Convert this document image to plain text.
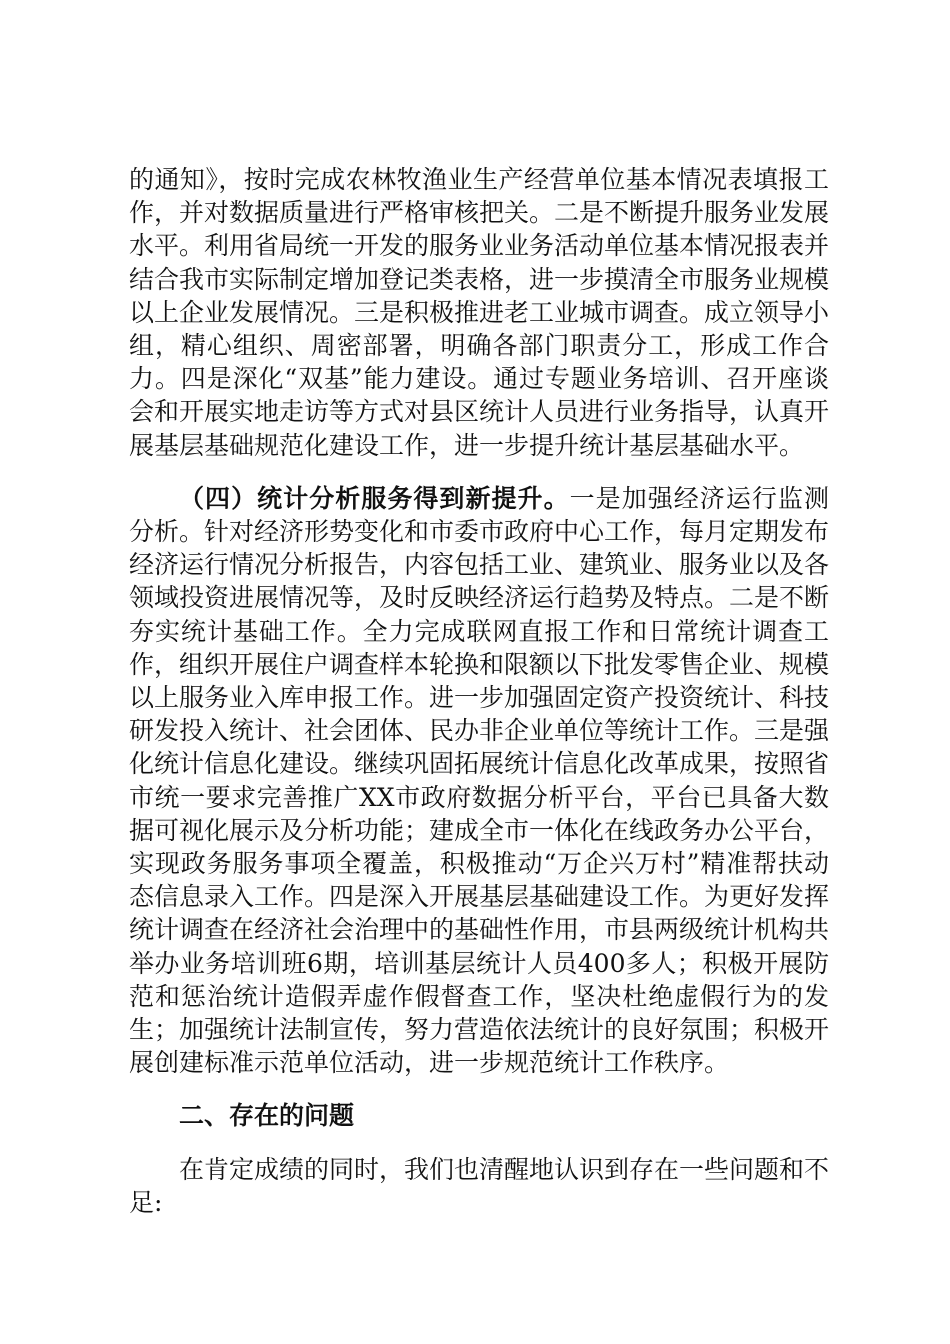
的通知》，按时完成农林牧渔业生产经营单位基本情况表填报工作，并对数据质量进行严格审核把关。二是不断提升服务业发展水平。利用省局统一开发的服务业业务活动单位基本情况报表并结合我市实际制定增加登记类表格，进一步摸清全市服务业规模以上企业发展情况。三是积极推进老工业城市调查。成立领导小组，精心组织、周密部署，明确各部门职责分工，形成工作合力。四是深化“双基”能力建设。通过专题业务培训、召开座谈会和开展实地走访等方式对县区统计人员进行业务指导，认真开展基层基础规范化建设工作，进一步提升统计基层基础水平。

（四）统计分析服务得到新提升。一是加强经济运行监测分析。针对经济形势变化和市委市政府中心工作，每月定期发布经济运行情况分析报告，内容包括工业、建筑业、服务业以及各领域投资进展情况等，及时反映经济运行趋势及特点。二是不断夯实统计基础工作。全力完成联网直报工作和日常统计调查工作，组织开展住户调查样本轮换和限额以下批发零售企业、规模以上服务业入库申报工作。进一步加强固定资产投资统计、科技研发投入统计、社会团体、民办非企业单位等统计工作。三是强化统计信息化建设。继续巩固拓展统计信息化改革成果，按照省市统一要求完善推广XX市政府数据分析平台，平台已具备大数据可视化展示及分析功能；建成全市一体化在线政务办公平台，实现政务服务事项全覆盖，积极推动“万企兴万村”精准帮扶动态信息录入工作。四是深入开展基层基础建设工作。为更好发挥统计调查在经济社会治理中的基础性作用，市县两级统计机构共举办业务培训班6期，培训基层统计人员400多人；积极开展防范和惩治统计造假弄虚作假督查工作，坚决杜绝虚假行为的发生；加强统计法制宣传，努力营造依法统计的良好氛围；积极开展创建标准示范单位活动，进一步规范统计工作秩序。

二、存在的问题

在肯定成绩的同时，我们也清醒地认识到存在一些问题和不足:
